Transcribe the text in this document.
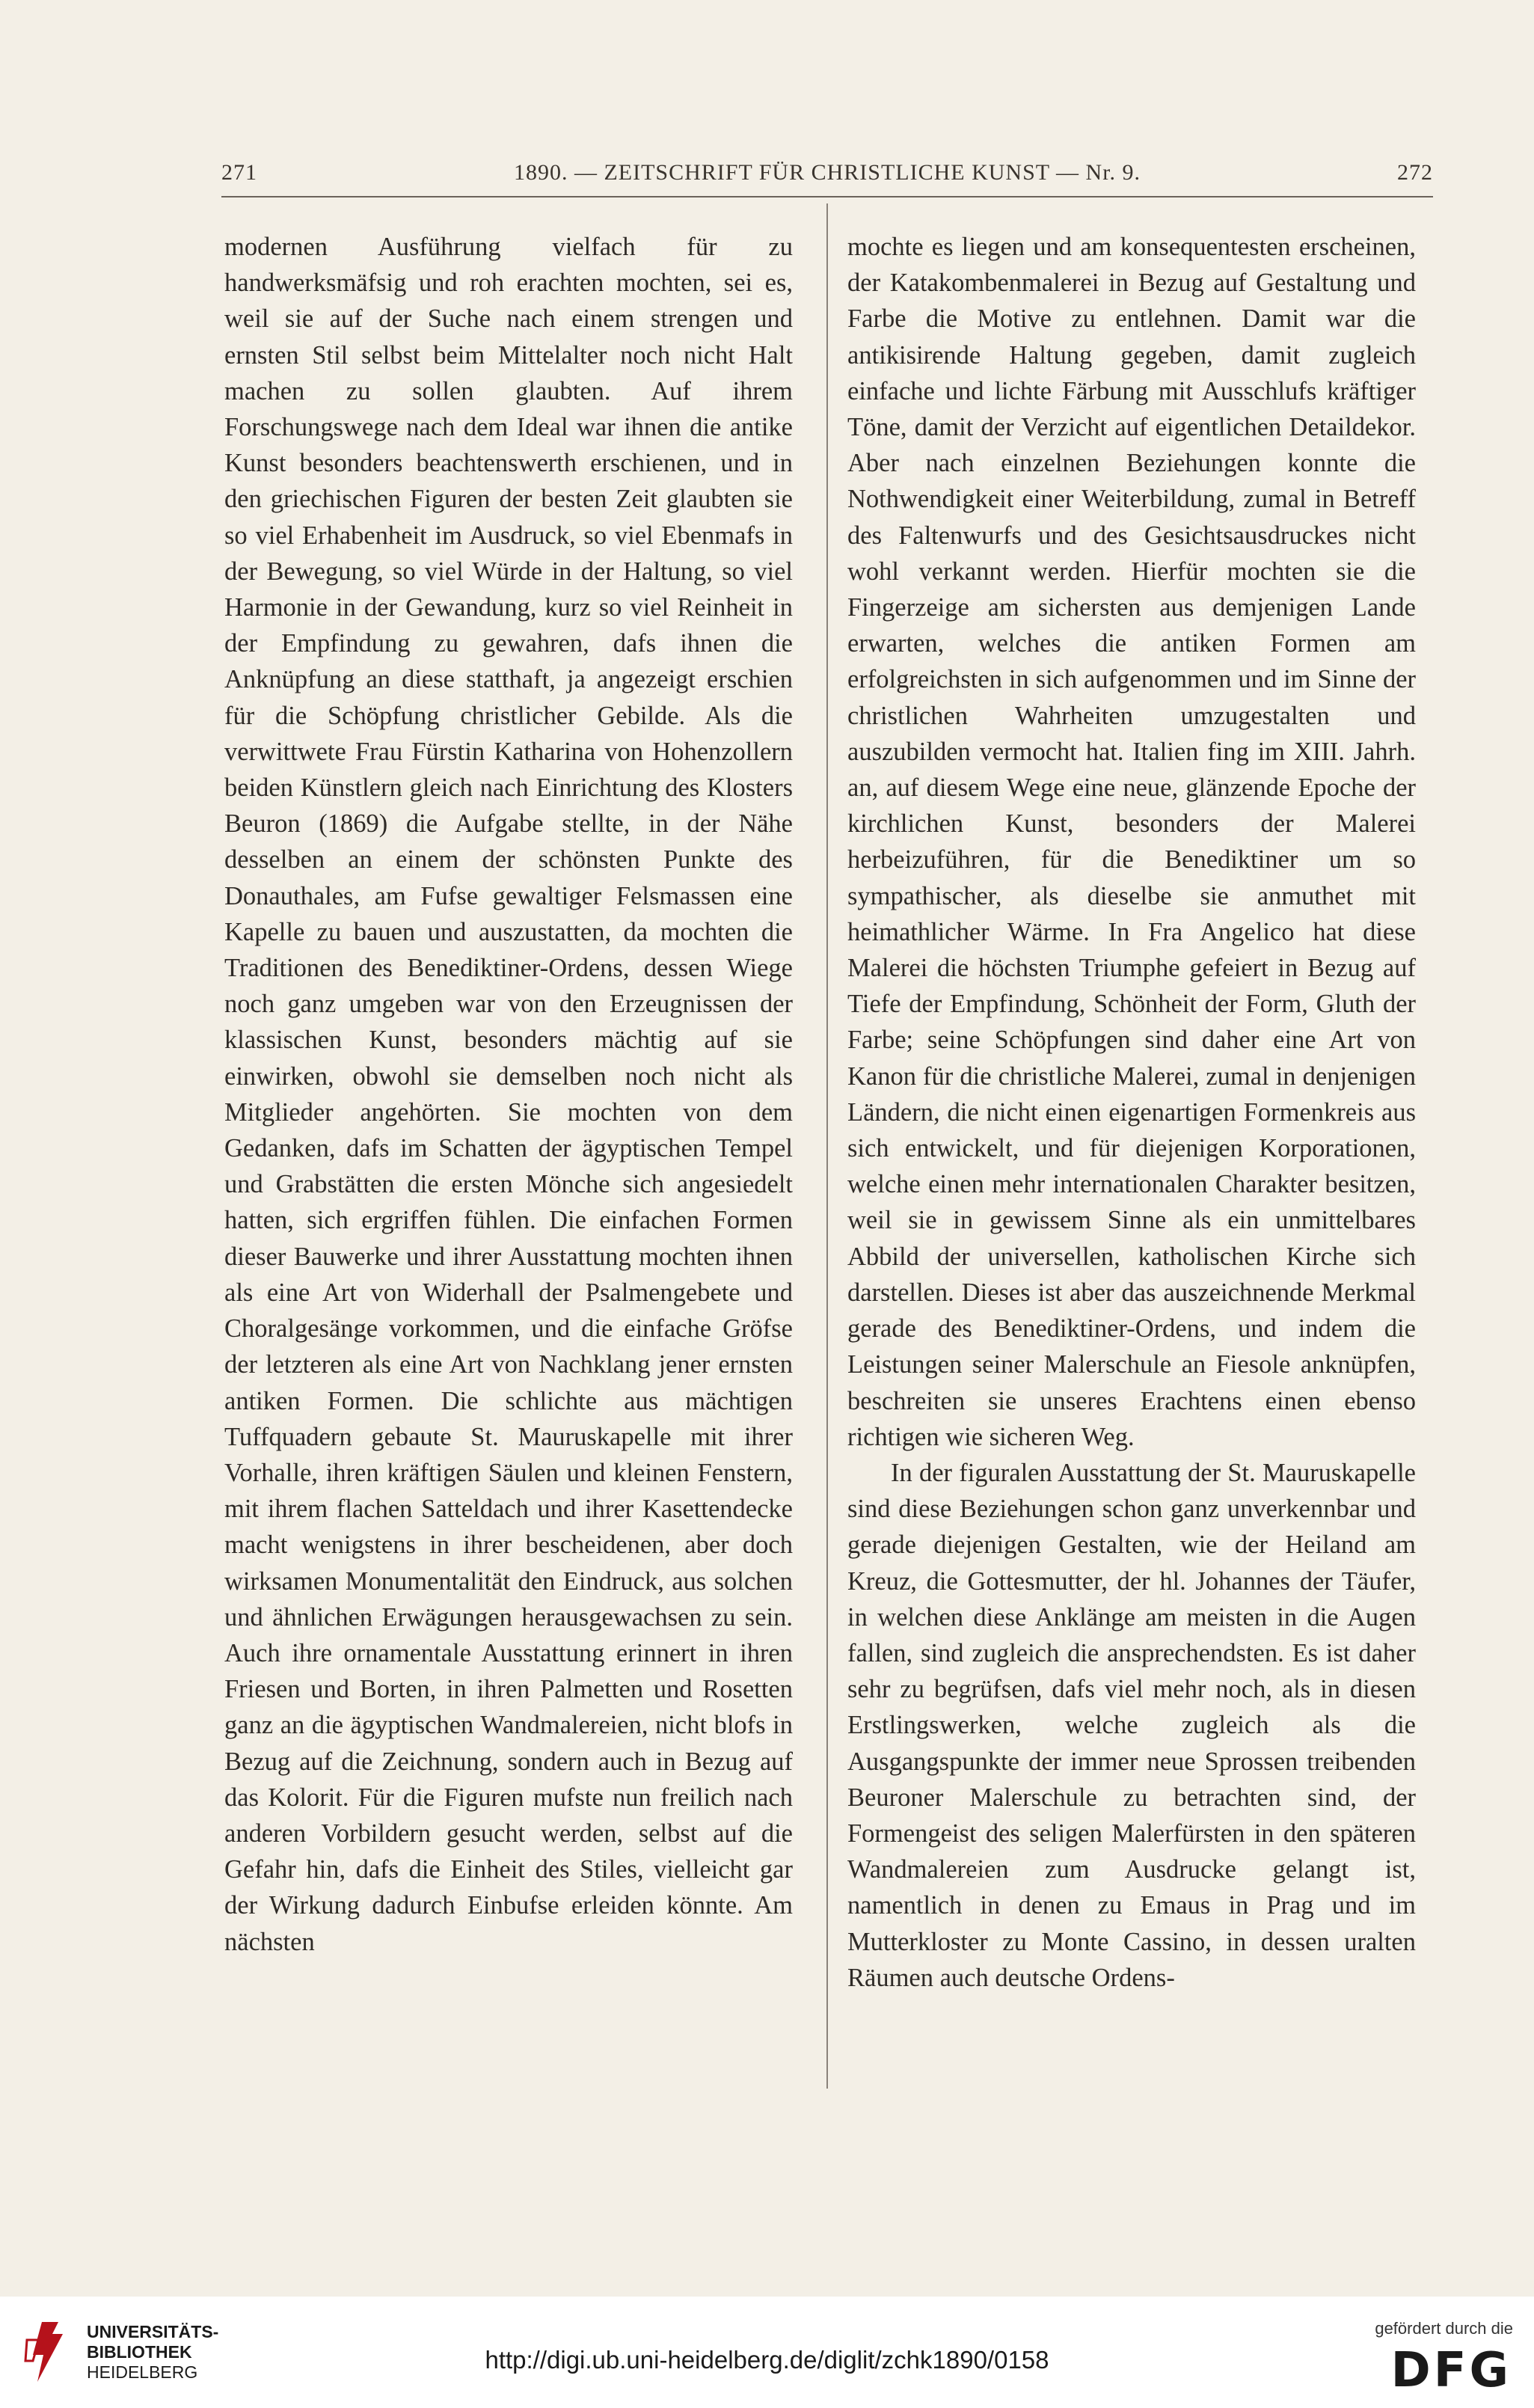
271	1890. — ZEITSCHRIFT FÜR CHRISTLICHE KUNST — Nr. 9.	272

modernen Ausführung vielfach für zu handwerksmäfsig und roh erachten mochten, sei es, weil sie auf der Suche nach einem strengen und ernsten Stil selbst beim Mittelalter noch nicht Halt machen zu sollen glaubten. Auf ihrem Forschungswege nach dem Ideal war ihnen die antike Kunst besonders beachtenswerth erschienen, und in den griechischen Figuren der besten Zeit glaubten sie so viel Erhabenheit im Ausdruck, so viel Ebenmafs in der Bewegung, so viel Würde in der Haltung, so viel Harmonie in der Gewandung, kurz so viel Reinheit in der Empfindung zu gewahren, dafs ihnen die Anknüpfung an diese statthaft, ja angezeigt erschien für die Schöpfung christlicher Gebilde. Als die verwittwete Frau Fürstin Katharina von Hohenzollern beiden Künstlern gleich nach Einrichtung des Klosters Beuron (1869) die Aufgabe stellte, in der Nähe desselben an einem der schönsten Punkte des Donauthales, am Fufse gewaltiger Felsmassen eine Kapelle zu bauen und auszustatten, da mochten die Traditionen des Benediktiner-Ordens, dessen Wiege noch ganz umgeben war von den Erzeugnissen der klassischen Kunst, besonders mächtig auf sie einwirken, obwohl sie demselben noch nicht als Mitglieder angehörten. Sie mochten von dem Gedanken, dafs im Schatten der ägyptischen Tempel und Grabstätten die ersten Mönche sich angesiedelt hatten, sich ergriffen fühlen. Die einfachen Formen dieser Bauwerke und ihrer Ausstattung mochten ihnen als eine Art von Widerhall der Psalmengebete und Choralgesänge vorkommen, und die einfache Gröfse der letzteren als eine Art von Nachklang jener ernsten antiken Formen. Die schlichte aus mächtigen Tuffquadern gebaute St. Mauruskapelle mit ihrer Vorhalle, ihren kräftigen Säulen und kleinen Fenstern, mit ihrem flachen Satteldach und ihrer Kasettendecke macht wenigstens in ihrer bescheidenen, aber doch wirksamen Monumentalität den Eindruck, aus solchen und ähnlichen Erwägungen herausgewachsen zu sein. Auch ihre ornamentale Ausstattung erinnert in ihren Friesen und Borten, in ihren Palmetten und Rosetten ganz an die ägyptischen Wandmalereien, nicht blofs in Bezug auf die Zeichnung, sondern auch in Bezug auf das Kolorit. Für die Figuren mufste nun freilich nach anderen Vorbildern gesucht werden, selbst auf die Gefahr hin, dafs die Einheit des Stiles, vielleicht gar der Wirkung dadurch Einbufse erleiden könnte. Am nächsten

mochte es liegen und am konsequentesten erscheinen, der Katakombenmalerei in Bezug auf Gestaltung und Farbe die Motive zu entlehnen. Damit war die antikisirende Haltung gegeben, damit zugleich einfache und lichte Färbung mit Ausschlufs kräftiger Töne, damit der Verzicht auf eigentlichen Detaildekor. Aber nach einzelnen Beziehungen konnte die Nothwendigkeit einer Weiterbildung, zumal in Betreff des Faltenwurfs und des Gesichtsausdruckes nicht wohl verkannt werden. Hierfür mochten sie die Fingerzeige am sichersten aus demjenigen Lande erwarten, welches die antiken Formen am erfolgreichsten in sich aufgenommen und im Sinne der christlichen Wahrheiten umzugestalten und auszubilden vermocht hat. Italien fing im XIII. Jahrh. an, auf diesem Wege eine neue, glänzende Epoche der kirchlichen Kunst, besonders der Malerei herbeizuführen, für die Benediktiner um so sympathischer, als dieselbe sie anmuthet mit heimathlicher Wärme. In Fra Angelico hat diese Malerei die höchsten Triumphe gefeiert in Bezug auf Tiefe der Empfindung, Schönheit der Form, Gluth der Farbe; seine Schöpfungen sind daher eine Art von Kanon für die christliche Malerei, zumal in denjenigen Ländern, die nicht einen eigenartigen Formenkreis aus sich entwickelt, und für diejenigen Korporationen, welche einen mehr internationalen Charakter besitzen, weil sie in gewissem Sinne als ein unmittelbares Abbild der universellen, katholischen Kirche sich darstellen. Dieses ist aber das auszeichnende Merkmal gerade des Benediktiner-Ordens, und indem die Leistungen seiner Malerschule an Fiesole anknüpfen, beschreiten sie unseres Erachtens einen ebenso richtigen wie sicheren Weg.

In der figuralen Ausstattung der St. Mauruskapelle sind diese Beziehungen schon ganz unverkennbar und gerade diejenigen Gestalten, wie der Heiland am Kreuz, die Gottesmutter, der hl. Johannes der Täufer, in welchen diese Anklänge am meisten in die Augen fallen, sind zugleich die ansprechendsten. Es ist daher sehr zu begrüfsen, dafs viel mehr noch, als in diesen Erstlingswerken, welche zugleich als die Ausgangspunkte der immer neue Sprossen treibenden Beuroner Malerschule zu betrachten sind, der Formengeist des seligen Malerfürsten in den späteren Wandmalereien zum Ausdrucke gelangt ist, namentlich in denen zu Emaus in Prag und im Mutterkloster zu Monte Cassino, in dessen uralten Räumen auch deutsche Ordens-

UNIVERSITÄTS-
BIBLIOTHEK
HEIDELBERG	http://digi.ub.uni-heidelberg.de/diglit/zchk1890/0158
gefördert durch die
DFG
